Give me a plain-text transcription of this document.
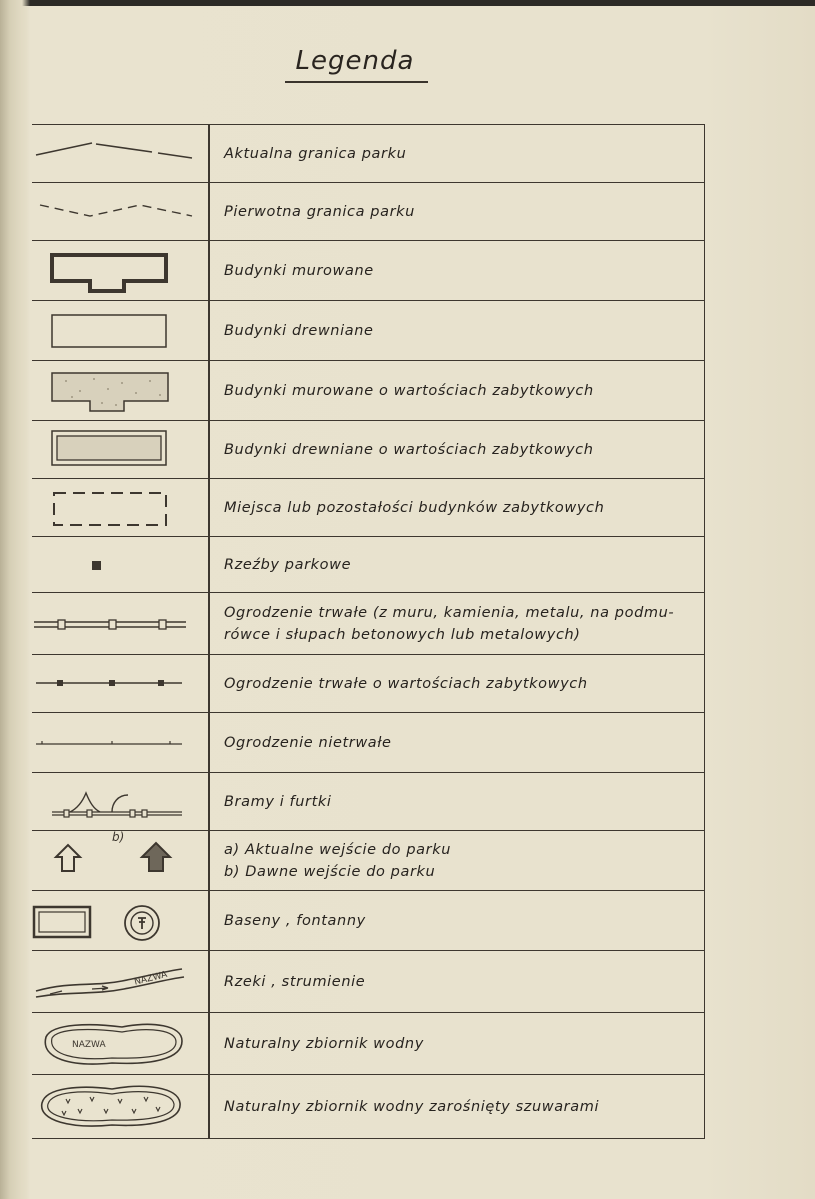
Legenda
Aktualna granica parku
Pierwotna granica parku
Budynki murowane
Budynki drewniane
Budynki murowane o wartościach zabytkowych
Budynki drewniane o wartościach zabytkowych
Miejsca lub pozostałości budynków zabytkowych
Rzeźby parkowe
Ogrodzenie trwałe (z muru, kamienia, metalu, na podmu-
rówce i słupach betonowych lub metalowych)
Ogrodzenie trwałe o wartościach zabytkowych
Ogrodzenie nietrwałe
Bramy i furtki
b)
a) Aktualne wejście do parku
b) Dawne wejście do parku
Baseny , fontanny
NAZWA	Rzeki , strumienie
NAZWA	Naturalny zbiornik wodny
Naturalny zbiornik wodny zarośnięty szuwarami
